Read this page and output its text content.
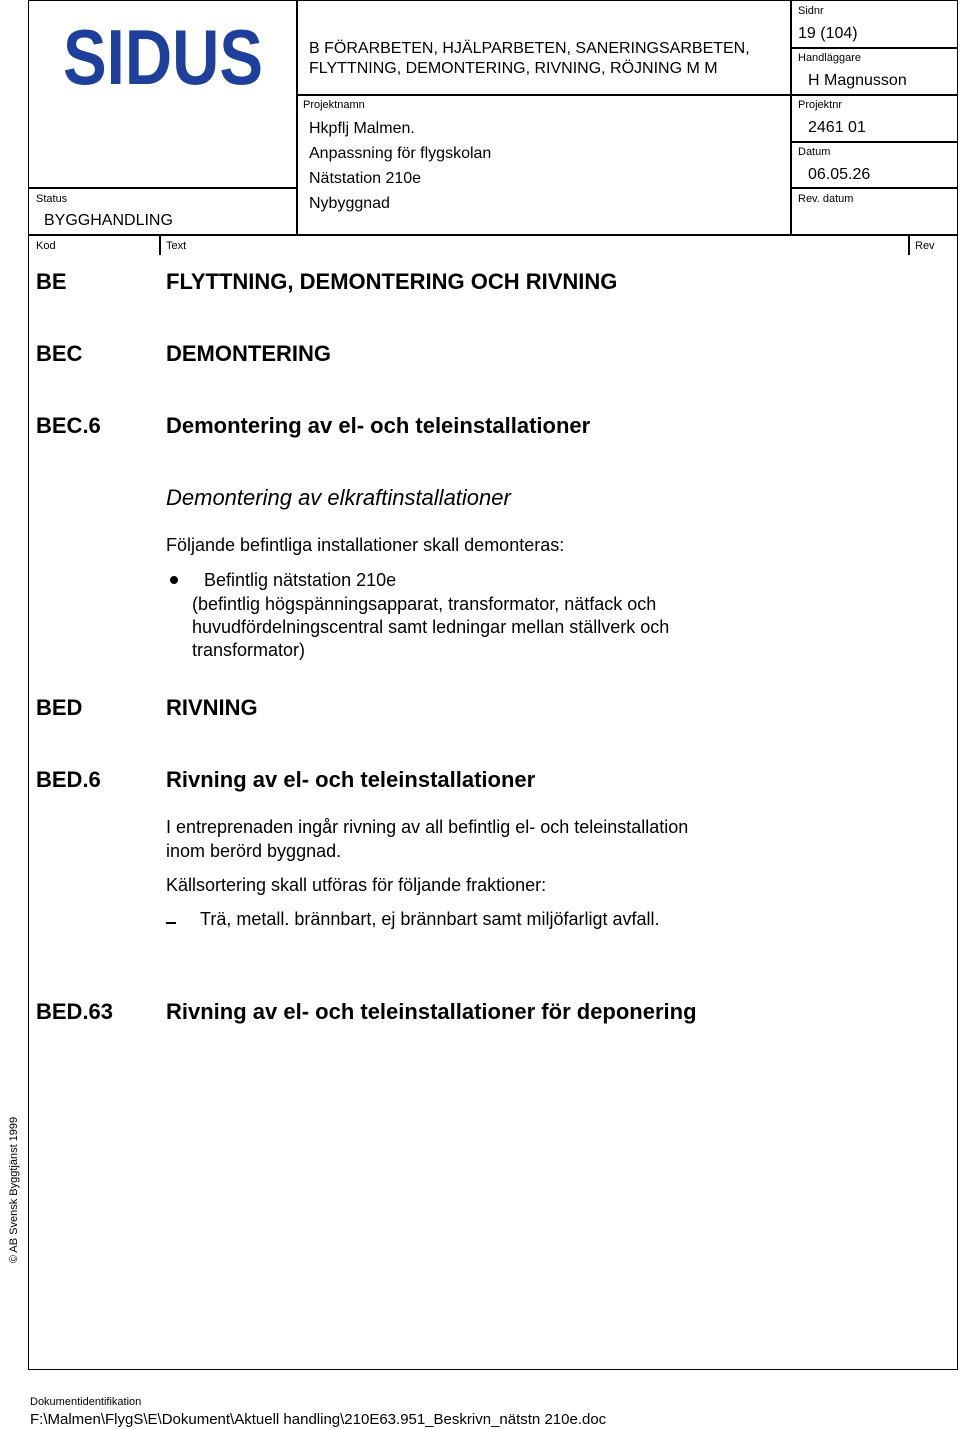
SIDUS	B FÖRARBETEN, HJÄLPARBETEN, SANERINGSARBETEN,
FLYTTNING, DEMONTERING, RIVNING, RÖJNING M M
Sidnr
19 (104)
Handläggare
H Magnusson
Projektnr
2461 01
Datum
06.05.26
Rev. datum
Projektnamn
Hkpflj Malmen.
Anpassning för flygskolan
Nätstation 210e
Nybyggnad
Status
BYGGHANDLING
Kod	Text	Rev
BE	FLYTTNING, DEMONTERING OCH RIVNING
BEC	DEMONTERING
BEC.6	Demontering av el- och teleinstallationer
Demontering av elkraftinstallationer
Följande befintliga installationer skall demonteras:
Befintlig nätstation 210e
(befintlig högspänningsapparat, transformator, nätfack och
huvudfördelningscentral samt ledningar mellan ställverk och
transformator)
BED	RIVNING
BED.6	Rivning av el- och teleinstallationer
I entreprenaden ingår rivning av all befintlig el- och teleinstallation
inom berörd byggnad.
Källsortering skall utföras för följande fraktioner:
Trä, metall. brännbart, ej brännbart samt miljöfarligt avfall.
BED.63 Rivning av el- och teleinstallationer för deponering
© AB Svensk Byggtjänst 1999
Dokumentidentifikation
F:\Malmen\FlygS\E\Dokument\Aktuell handling\210E63.951_Beskrivn_nätstn 210e.doc
